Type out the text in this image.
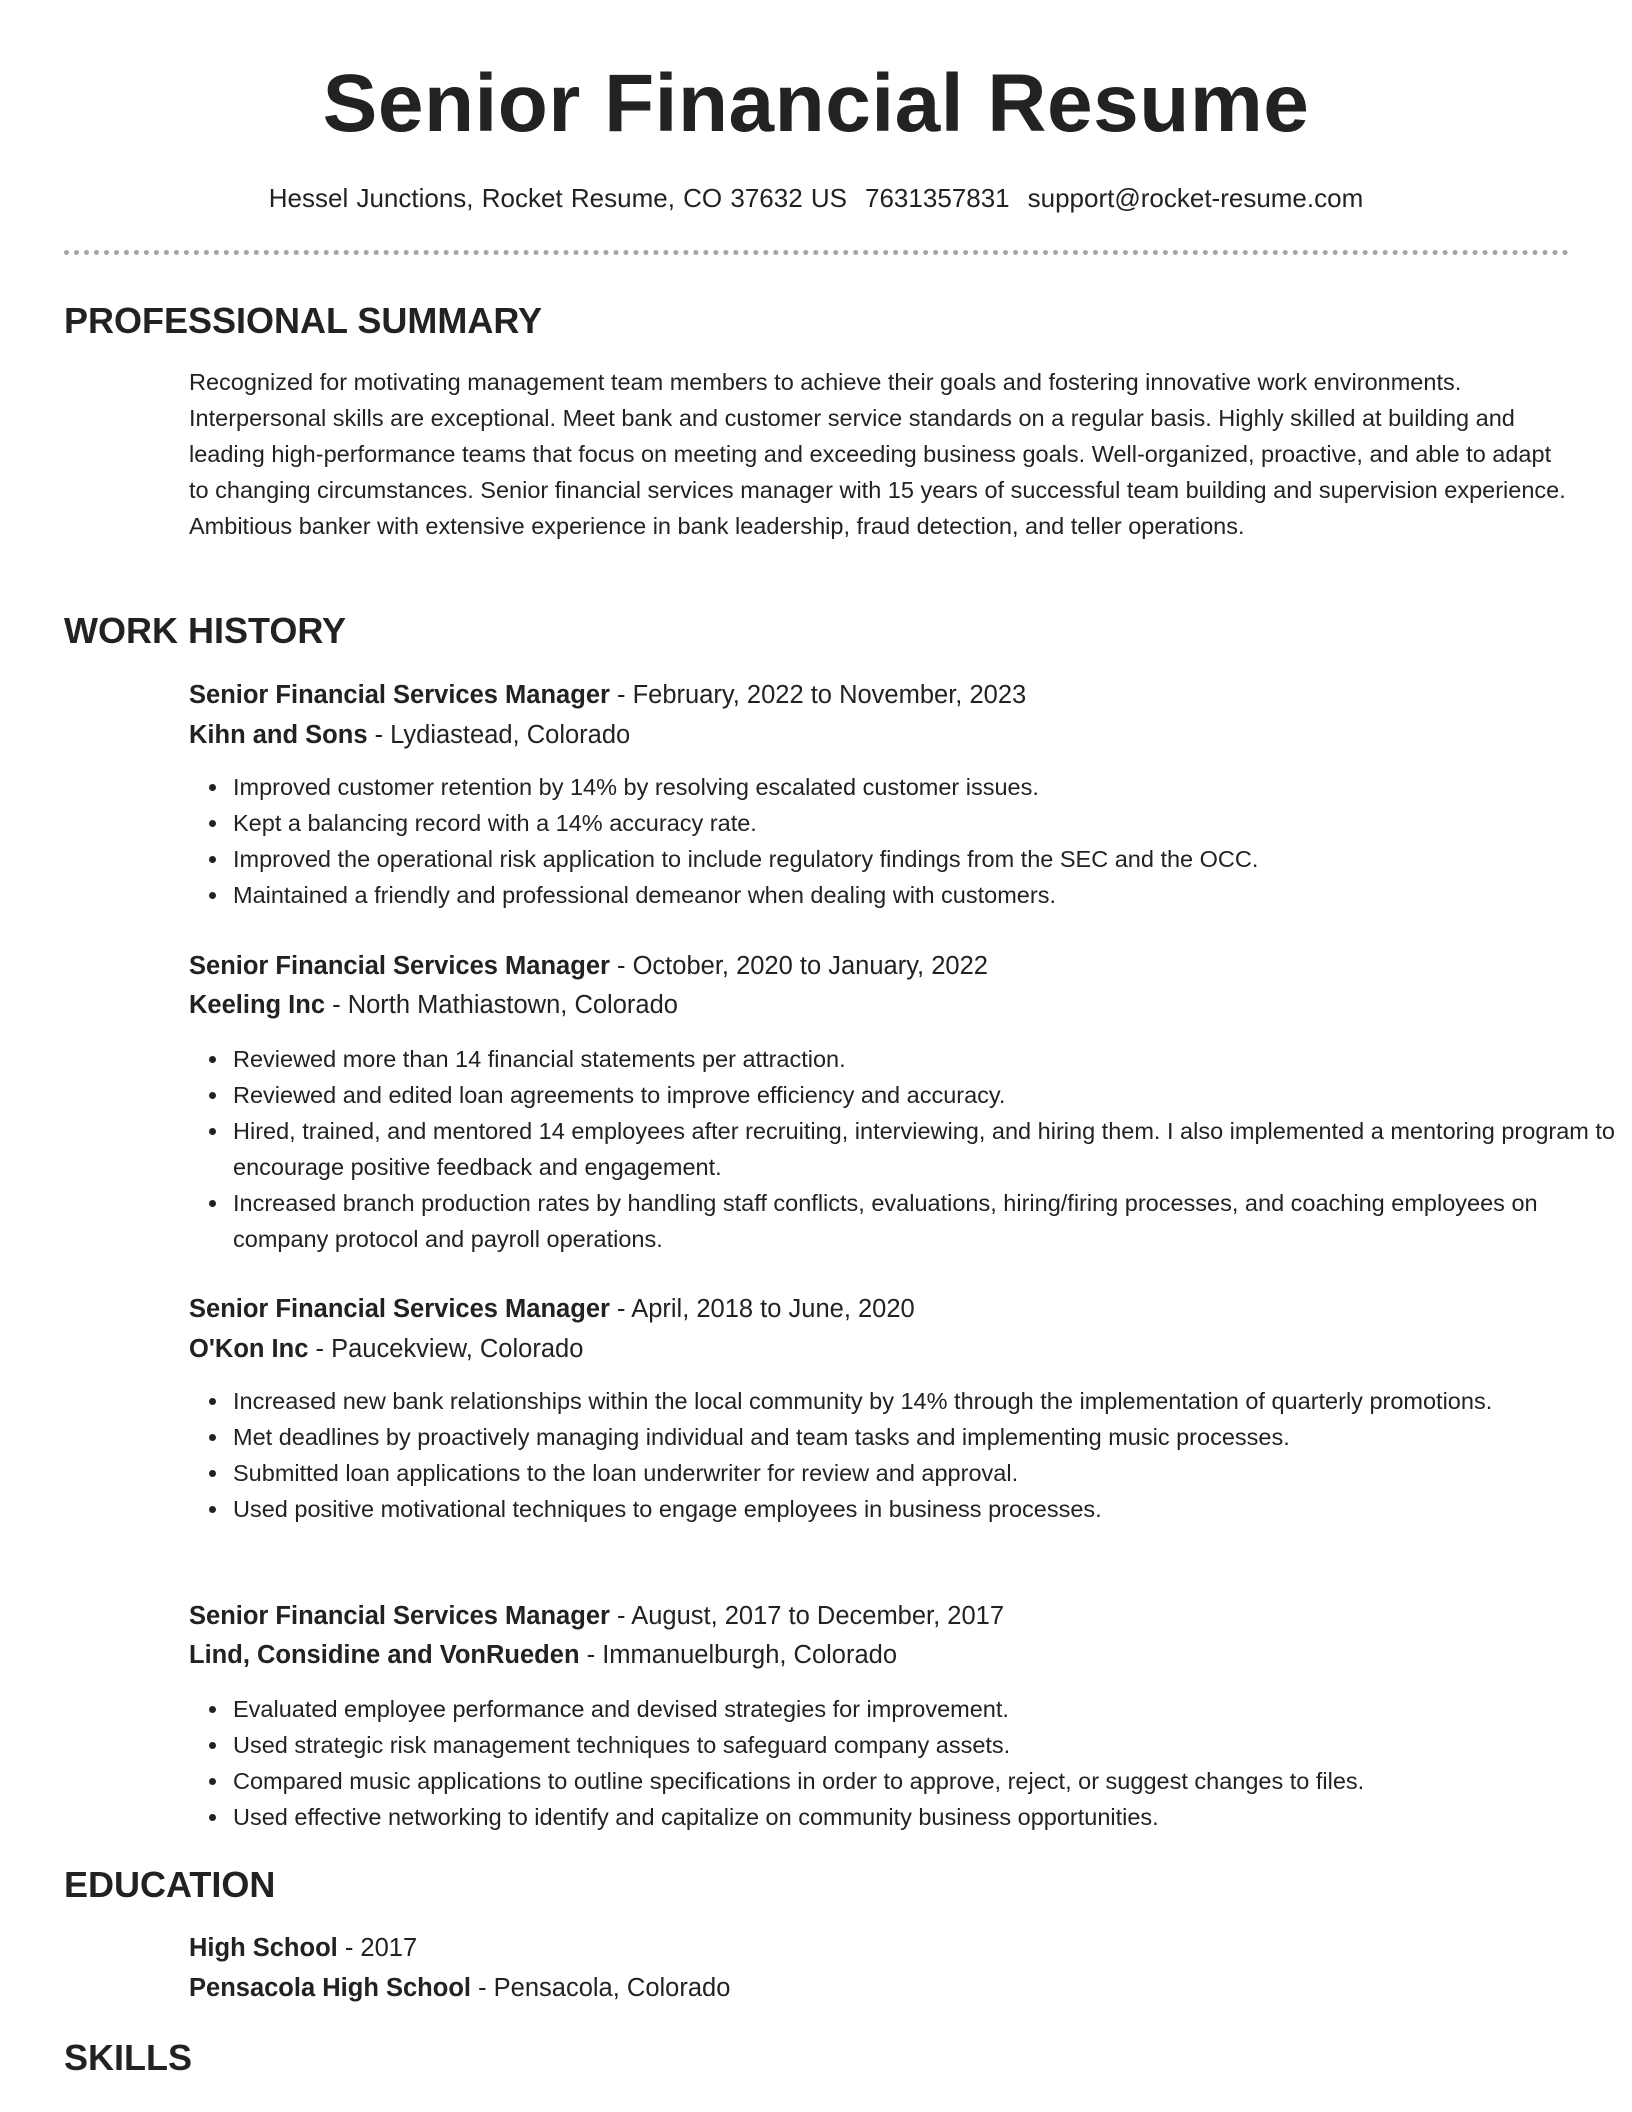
Senior Financial Resume
Hessel Junctions, Rocket Resume, CO 37632 US 7631357831 support@rocket-resume.com
PROFESSIONAL SUMMARY

Recognized for motivating management team members to achieve their goals and fostering innovative work environments. Interpersonal skills are exceptional. Meet bank and customer service standards on a regular basis. Highly skilled at building and leading high-performance teams that focus on meeting and exceeding business goals. Well-organized, proactive, and able to adapt to changing circumstances. Senior financial services manager with 15 years of successful team building and supervision experience. Ambitious banker with extensive experience in bank leadership, fraud detection, and teller operations.

WORK HISTORY
Senior Financial Services Manager - February, 2022 to November, 2023
Kihn and Sons - Lydiastead, Colorado
Improved customer retention by 14% by resolving escalated customer issues.
Kept a balancing record with a 14% accuracy rate.
Improved the operational risk application to include regulatory findings from the SEC and the OCC.
Maintained a friendly and professional demeanor when dealing with customers.
Senior Financial Services Manager - October, 2020 to January, 2022
Keeling Inc - North Mathiastown, Colorado
Reviewed more than 14 financial statements per attraction.
Reviewed and edited loan agreements to improve efficiency and accuracy.
Hired, trained, and mentored 14 employees after recruiting, interviewing, and hiring them. I also implemented a mentoring program to encourage positive feedback and engagement.
Increased branch production rates by handling staff conflicts, evaluations, hiring/firing processes, and coaching employees on company protocol and payroll operations.
Senior Financial Services Manager - April, 2018 to June, 2020
O'Kon Inc - Paucekview, Colorado
Increased new bank relationships within the local community by 14% through the implementation of quarterly promotions.
Met deadlines by proactively managing individual and team tasks and implementing music processes.
Submitted loan applications to the loan underwriter for review and approval.
Used positive motivational techniques to engage employees in business processes.
Senior Financial Services Manager - August, 2017 to December, 2017
Lind, Considine and VonRueden - Immanuelburgh, Colorado
Evaluated employee performance and devised strategies for improvement.
Used strategic risk management techniques to safeguard company assets.
Compared music applications to outline specifications in order to approve, reject, or suggest changes to files.
Used effective networking to identify and capitalize on community business opportunities.
EDUCATION
High School - 2017
Pensacola High School - Pensacola, Colorado
SKILLS
